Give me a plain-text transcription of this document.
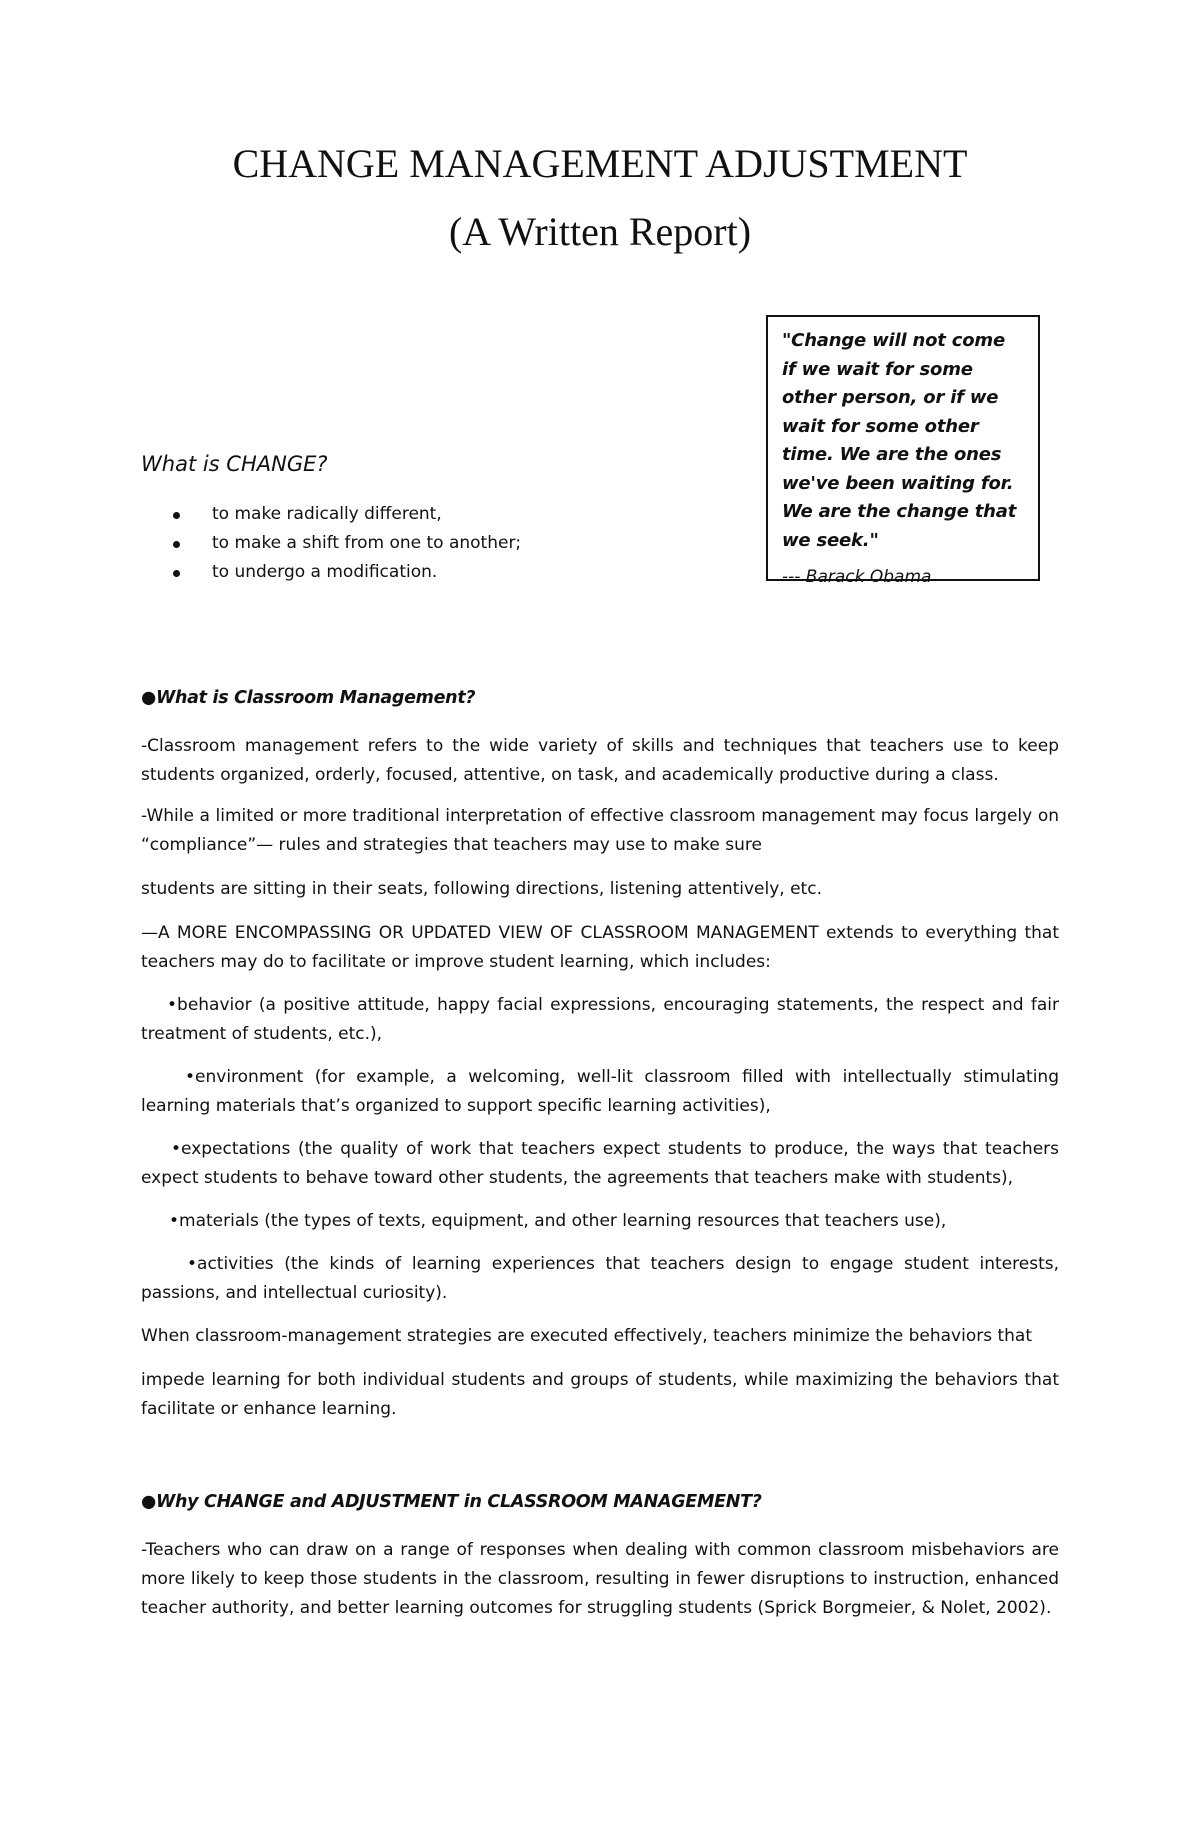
CHANGE MANAGEMENT ADJUSTMENT
(A Written Report)

"Change will not come if we wait for some other person, or if we wait for some other time. We are the ones we've been waiting for. We are the change that we seek."

--- Barack Obama
What is CHANGE?
to make radically different,
to make a shift from one to another;
to undergo a modification.
●What is Classroom Management?

-Classroom management refers to the wide variety of skills and techniques that teachers use to keep students organized, orderly, focused, attentive, on task, and academically productive during a class.

-While a limited or more traditional interpretation of effective classroom management may focus largely on “compliance”— rules and strategies that teachers may use to make sure

students are sitting in their seats, following directions, listening attentively, etc.

—A MORE ENCOMPASSING OR UPDATED VIEW OF CLASSROOM MANAGEMENT extends to everything that teachers may do to facilitate or improve student learning, which includes:

•behavior (a positive attitude, happy facial expressions, encouraging statements, the respect and fair treatment of students, etc.),

•environment (for example, a welcoming, well-lit classroom filled with intellectually stimulating learning materials that’s organized to support specific learning activities),

•expectations (the quality of work that teachers expect students to produce, the ways that teachers expect students to behave toward other students, the agreements that teachers make with students),

•materials (the types of texts, equipment, and other learning resources that teachers use),

•activities (the kinds of learning experiences that teachers design to engage student interests, passions, and intellectual curiosity).

When classroom-management strategies are executed effectively, teachers minimize the behaviors that

impede learning for both individual students and groups of students, while maximizing the behaviors that facilitate or enhance learning.

●Why CHANGE and ADJUSTMENT in CLASSROOM MANAGEMENT?

-Teachers who can draw on a range of responses when dealing with common classroom misbehaviors are more likely to keep those students in the classroom, resulting in fewer disruptions to instruction, enhanced teacher authority, and better learning outcomes for struggling students (Sprick Borgmeier, & Nolet, 2002).
